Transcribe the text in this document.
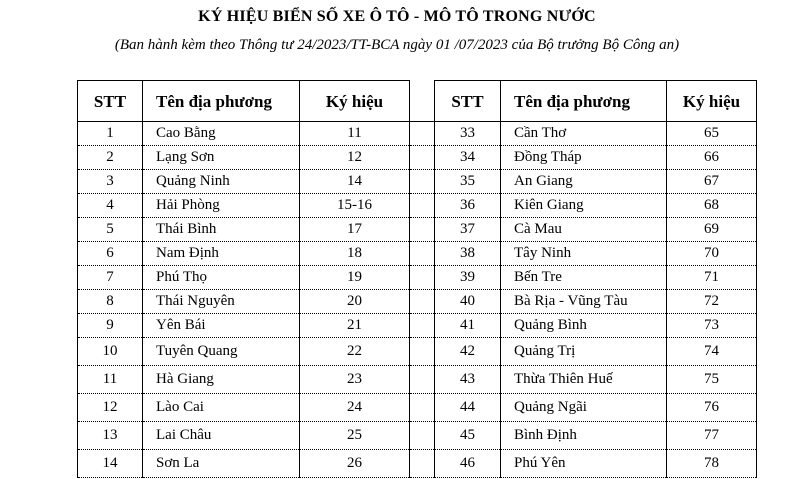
KÝ HIỆU BIỂN SỐ XE Ô TÔ - MÔ TÔ TRONG NƯỚC
(Ban hành kèm theo Thông tư 24/2023/TT-BCA ngày 01 /07/2023 của Bộ trưởng Bộ Công an)
STT	Tên địa phương	Ký hiệu		STT	Tên địa phương	Ký hiệu
1	Cao Bằng	11		33	Cần Thơ	65
2	Lạng Sơn	12		34	Đồng Tháp	66
3	Quảng Ninh	14		35	An Giang	67
4	Hải Phòng	15-16		36	Kiên Giang	68
5	Thái Bình	17		37	Cà Mau	69
6	Nam Định	18		38	Tây Ninh	70
7	Phú Thọ	19		39	Bến Tre	71
8	Thái Nguyên	20		40	Bà Rịa - Vũng Tàu	72
9	Yên Bái	21		41	Quảng Bình	73
10	Tuyên Quang	22		42	Quảng Trị	74
11	Hà Giang	23		43	Thừa Thiên Huế	75
12	Lào Cai	24		44	Quảng Ngãi	76
13	Lai Châu	25		45	Bình Định	77
14	Sơn La	26		46	Phú Yên	78
